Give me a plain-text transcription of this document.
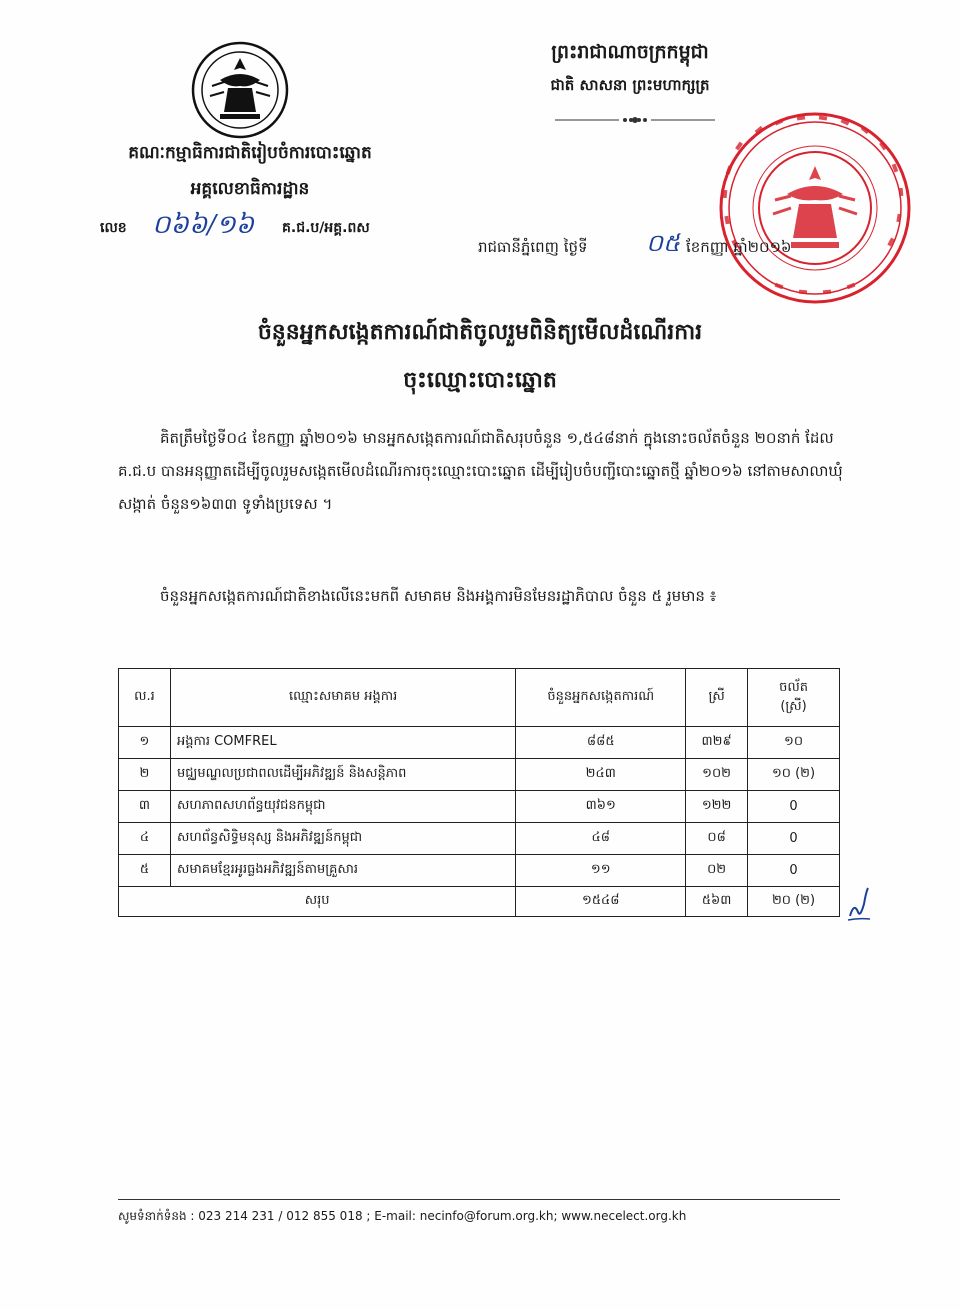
គណៈកម្មាធិការជាតិរៀបចំការបោះឆ្នោត
អគ្គលេខាធិការដ្ឋាន
លេខ ០៦៦/១៦ គ.ជ.ប/អគ្គ.ពស
ព្រះរាជាណាចក្រកម្ពុជា
ជាតិ សាសនា ព្រះមហាក្សត្រ
រាជធានីភ្នំពេញ ថ្ងៃទី ០៥ ខែកញ្ញា ឆ្នាំ២០១៦
ចំនួនអ្នកសង្កេតការណ៍ជាតិចូលរួមពិនិត្យមើលដំណើរការ
ចុះឈ្មោះបោះឆ្នោត

គិតត្រឹមថ្ងៃទី០៤ ខែកញ្ញា ឆ្នាំ២០១៦ មានអ្នកសង្កេតការណ៍ជាតិសរុបចំនួន ១,៥៤៨នាក់ ក្នុងនោះចល័តចំនួន ២០នាក់ ដែល គ.ជ.ប បានអនុញ្ញាតដើម្បីចូលរួមសង្កេតមើលដំណើរការចុះឈ្មោះបោះឆ្នោត ដើម្បីរៀបចំបញ្ជីបោះឆ្នោតថ្មី ឆ្នាំ២០១៦ នៅតាមសាលាឃុំ សង្កាត់ ចំនួន១៦៣៣ ទូទាំងប្រទេស ។

ចំនួនអ្នកសង្កេតការណ៍ជាតិខាងលើនេះមកពី សមាគម និងអង្គការមិនមែនរដ្ឋាភិបាល ចំនួន ៥ រួមមាន ៖

ល.រ	ឈ្មោះសមាគម អង្គការ	ចំនួនអ្នកសង្កេតការណ៍	ស្រី	ចល័ត
(ស្រី)

១	អង្គការ COMFREL	៨៨៥	៣២៩	១០
២	មជ្ឈមណ្ឌលប្រជាពលដើម្បីអភិវឌ្ឍន៍ និងសន្តិភាព	២៤៣	១០២	១០ (២)
៣	សហភាពសហព័ន្ធយុវជនកម្ពុជា	៣៦១	១២២	0
៤	សហព័ន្ធសិទ្ធិមនុស្ស និងអភិវឌ្ឍន៍កម្ពុជា	៤៨	០៨	0
៥	សមាគមខ្មែរអូរធ្លងអភិវឌ្ឍន៍តាមគ្រួសារ	១១	០២	0
សរុប		១៥៤៨	៥៦៣	២០ (២)
សូមទំនាក់ទំនង : 023 214 231 / 012 855 018 ; E-mail: necinfo@forum.org.kh; www.necelect.org.kh
